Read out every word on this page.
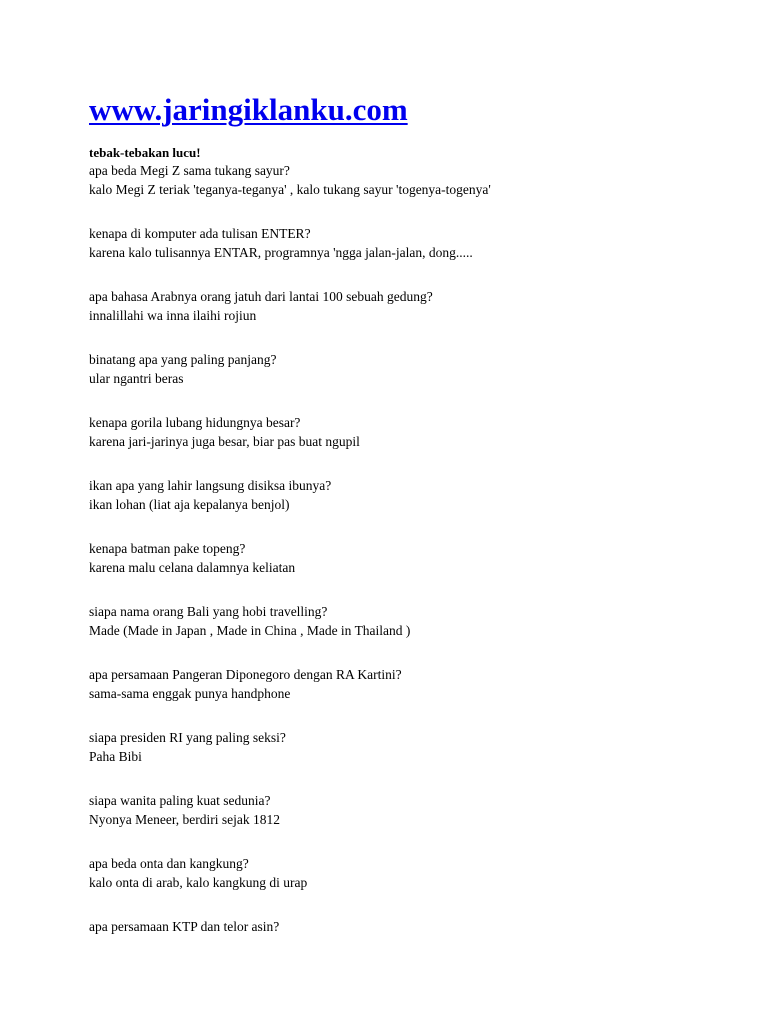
www.jaringiklanku.com
tebak-tebakan lucu!
apa beda Megi Z sama tukang sayur?
kalo Megi Z teriak 'teganya-teganya' , kalo tukang sayur 'togenya-togenya'
kenapa di komputer ada tulisan ENTER?
karena kalo tulisannya ENTAR, programnya 'ngga jalan-jalan, dong.....
apa bahasa Arabnya orang jatuh dari lantai 100 sebuah gedung?
innalillahi wa inna ilaihi rojiun
binatang apa yang paling panjang?
ular ngantri beras
kenapa gorila lubang hidungnya besar?
karena jari-jarinya juga besar, biar pas buat ngupil
ikan apa yang lahir langsung disiksa ibunya?
ikan lohan (liat aja kepalanya benjol)
kenapa batman pake topeng?
karena malu celana dalamnya keliatan
siapa nama orang Bali yang hobi travelling?
Made (Made in Japan , Made in China , Made in Thailand )
apa persamaan Pangeran Diponegoro dengan RA Kartini?
sama-sama enggak punya handphone
siapa presiden RI yang paling seksi?
Paha Bibi
siapa wanita paling kuat sedunia?
Nyonya Meneer, berdiri sejak 1812
apa beda onta dan kangkung?
kalo onta di arab, kalo kangkung di urap
apa persamaan KTP dan telor asin?
